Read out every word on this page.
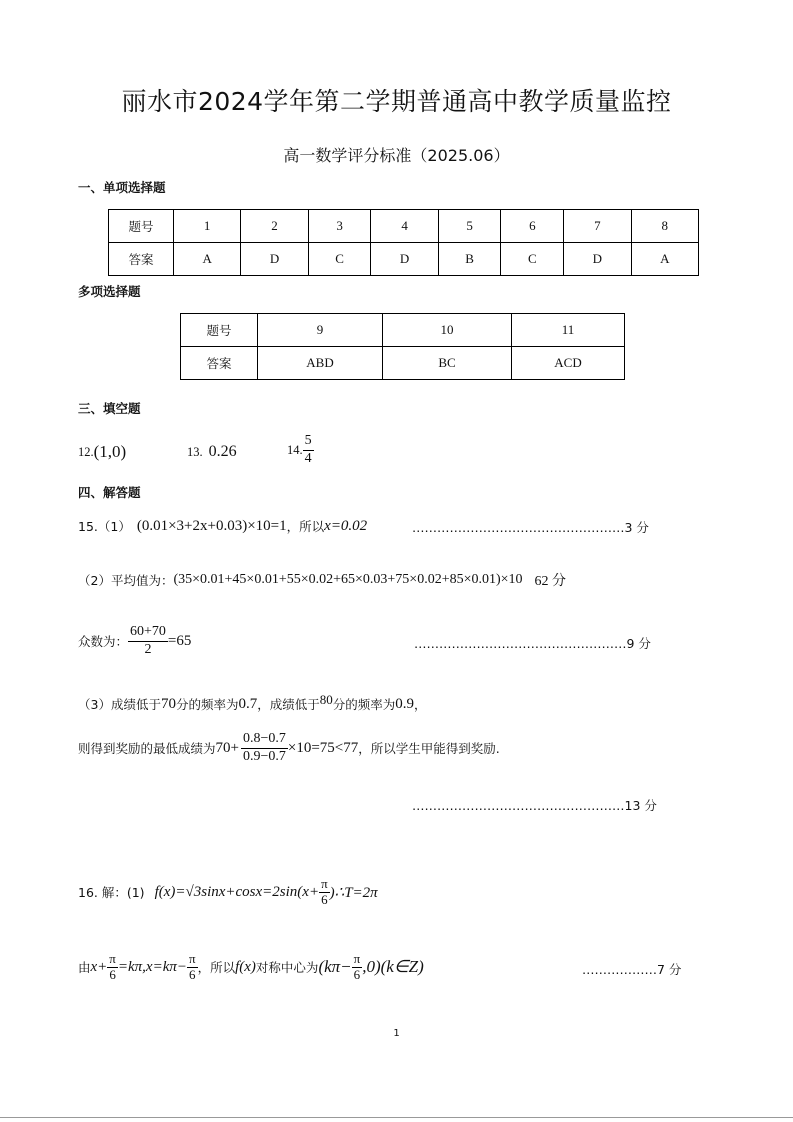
丽水市2024学年第二学期普通高中教学质量监控
高一数学评分标准（2025.06）
一、单项选择题
题号	1	2	3	4	5	6	7	8
答案	A	D	C	D	B	C	D	A
多项选择题
题号	9	10	11
答案	ABD	BC	ACD
三、填空题
12. (1,0)	13. 0.26	14. $\frac{5}{4}$
四、解答题
15.（1） (0.01×3+2x+0.03)×10=1 ，所以 x=0.02	……………………………………………3 分
（2）平均值为： (35×0.01+45×0.01+55×0.02+65×0.03+75×0.02+85×0.01)×10 62 分
众数为： $\frac{60+70}{2} =65$	……………………………………………9 分
（3）成绩低于 70 分的频率为 0.7 ，成绩低于 80 分的频率为 0.9 ，
则得到奖励的最低成绩为 $70+ \frac{0.8-0.7}{0.9-0.7} \times 10=75<77$ ，所以学生甲能得到奖励.
……………………………………………13 分
16. 解：(1) $f(x)=√3\sin x+\cos x=2\sin(x+ \frac{\pi}{6}$ )∴T=2π
由 $x+ \frac{\pi}{6} =k\pi,x=k\pi- \frac{\pi}{6}$ ，所以 f(x) 对称中心为 ($k\pi- \frac{\pi}{6}$ ,0)(k∈Z)	………………7 分
1
